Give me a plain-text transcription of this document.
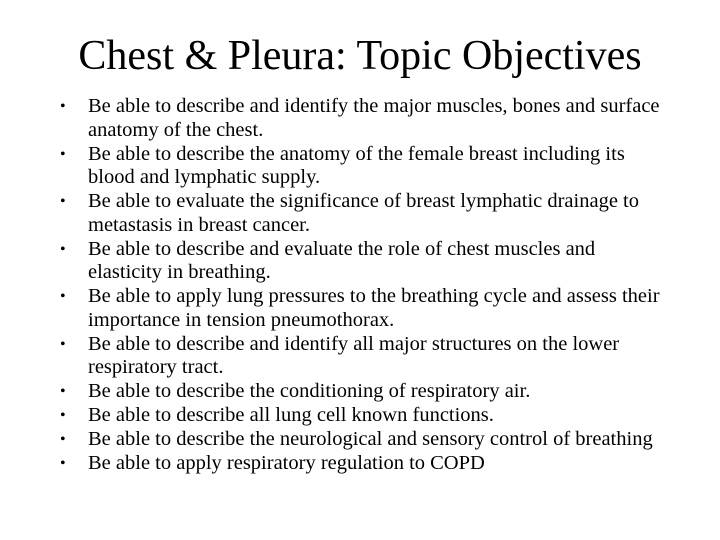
Chest & Pleura: Topic Objectives
•	Be able to describe and identify the major muscles, bones and surface anatomy of the chest.
•	Be able to describe the anatomy of the female breast including its blood and lymphatic supply.
•	Be able to evaluate the significance of breast lymphatic drainage to metastasis in breast cancer.
•	Be able to describe and evaluate the role of chest muscles and elasticity in breathing.
•	Be able to apply lung pressures to the breathing cycle and assess their importance in tension pneumothorax.
•	Be able to describe and identify all major structures on the lower respiratory tract.
•	Be able to describe the conditioning of respiratory air.
•	Be able to describe all lung cell known functions.
•	Be able to describe the neurological and sensory control of breathing
•	Be able to apply respiratory regulation to COPD
